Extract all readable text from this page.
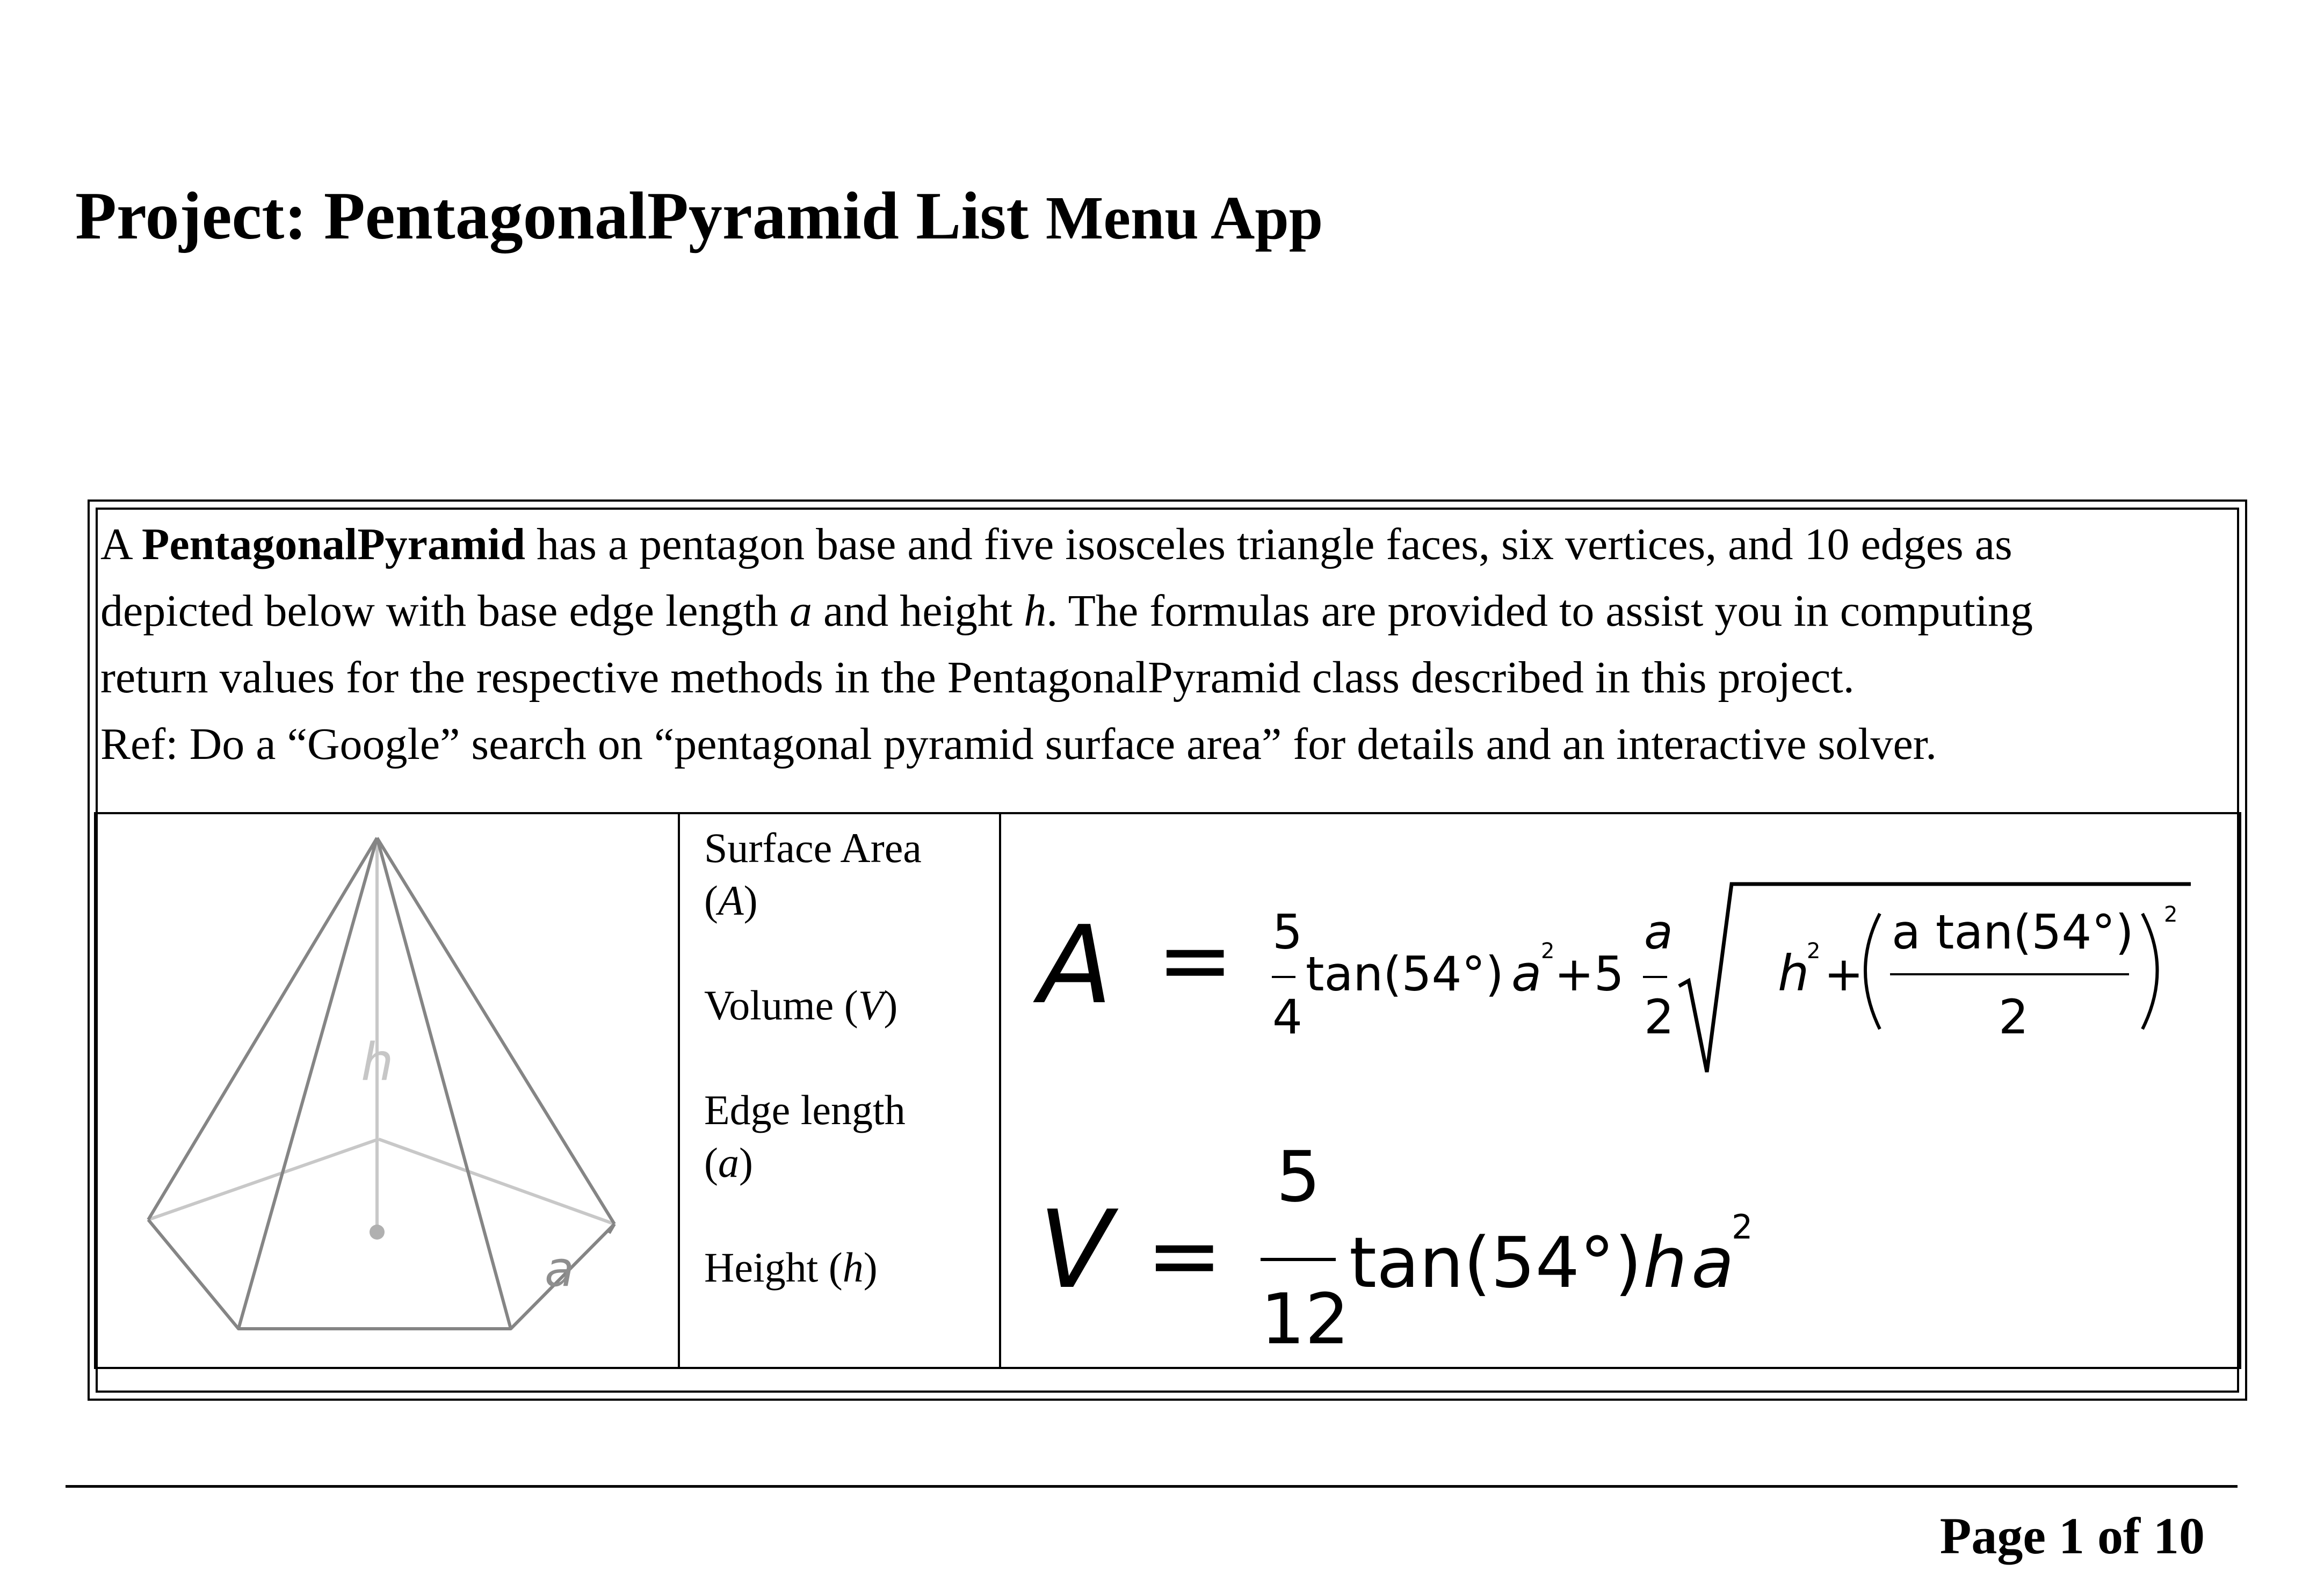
Project: PentagonalPyramid List Menu App

A PentagonalPyramid has a pentagon base and five isosceles triangle faces, six vertices, and 10 edges as

depicted below with base edge length a and height h. The formulas are provided to assist you in computing

return values for the respective methods in the PentagonalPyramid class described in this project.

Ref: Do a “Google” search on “pentagonal pyramid surface area” for details and an interactive solver.

h
a
Surface Area
(A)
Volume (V)
Edge length
(a)
Height (h)
A = 5
4
tan(54°) a
2 +5
a
2
h
2 +
a tan(54°)
2
2
V =
5
12
tan(54°) h a
2
Page 1 of 10
